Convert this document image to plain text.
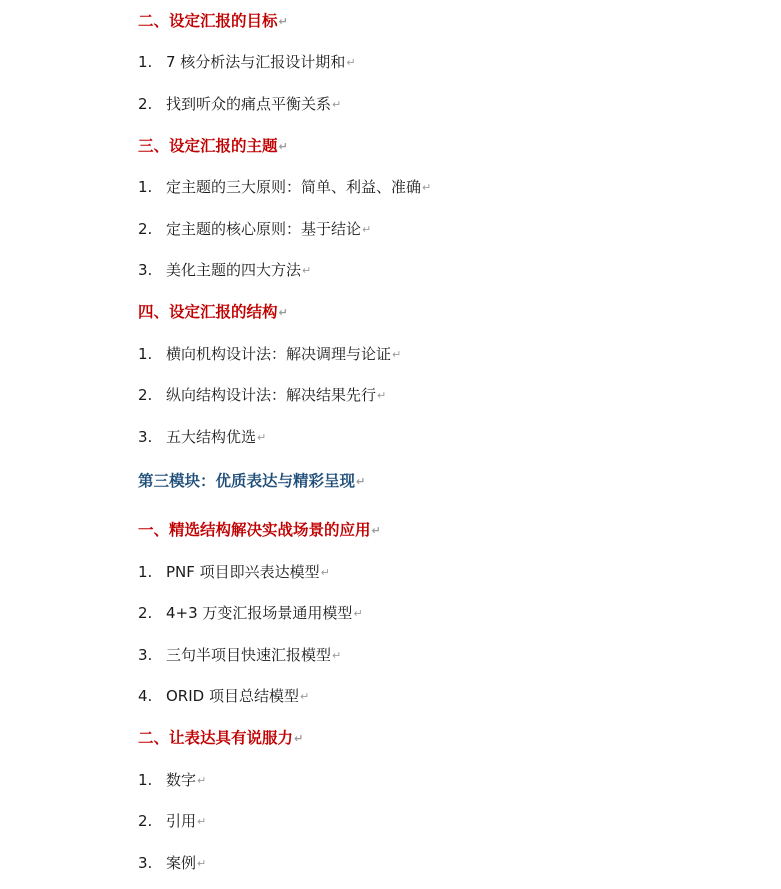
二、设定汇报的目标↵
1. 7 核分析法与汇报设计期和↵
2. 找到听众的痛点平衡关系↵
三、设定汇报的主题↵
1. 定主题的三大原则：简单、利益、准确↵
2. 定主题的核心原则：基于结论↵
3. 美化主题的四大方法↵
四、设定汇报的结构↵
1. 横向机构设计法：解决调理与论证↵
2. 纵向结构设计法：解决结果先行↵
3. 五大结构优选↵
第三模块：优质表达与精彩呈现↵
一、精选结构解决实战场景的应用↵
1. PNF 项目即兴表达模型↵
2. 4+3 万变汇报场景通用模型↵
3. 三句半项目快速汇报模型↵
4. ORID 项目总结模型↵
二、让表达具有说服力↵
1. 数字↵
2. 引用↵
3. 案例↵
